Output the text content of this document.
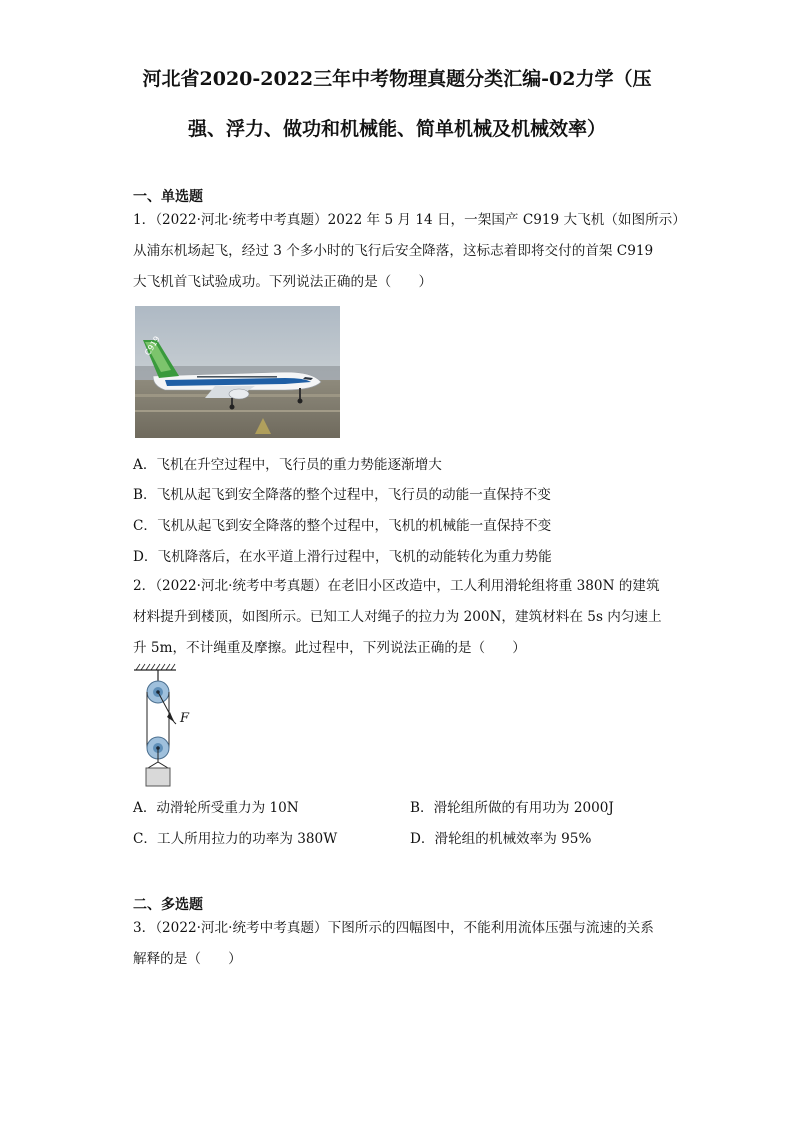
河北省2020-2022三年中考物理真题分类汇编-02力学（压
强、浮力、做功和机械能、简单机械及机械效率）
一、单选题
1．（2022·河北·统考中考真题）2022 年 5 月 14 日，一架国产 C919 大飞机（如图所示）
从浦东机场起飞，经过 3 个多小时的飞行后安全降落，这标志着即将交付的首架 C919
大飞机首飞试验成功。下列说法正确的是（　　）
C919
A．飞机在升空过程中，飞行员的重力势能逐渐增大
B．飞机从起飞到安全降落的整个过程中，飞行员的动能一直保持不变
C．飞机从起飞到安全降落的整个过程中，飞机的机械能一直保持不变
D．飞机降落后，在水平道上滑行过程中，飞机的动能转化为重力势能
2．（2022·河北·统考中考真题）在老旧小区改造中，工人利用滑轮组将重 380N 的建筑
材料提升到楼顶，如图所示。已知工人对绳子的拉力为 200N，建筑材料在 5s 内匀速上
升 5m，不计绳重及摩擦。此过程中，下列说法正确的是（　　）
F
A．动滑轮所受重力为 10N	B．滑轮组所做的有用功为 2000J
C．工人所用拉力的功率为 380W	D．滑轮组的机械效率为 95%
二、多选题
3．（2022·河北·统考中考真题）下图所示的四幅图中，不能利用流体压强与流速的关系
解释的是（　　）
